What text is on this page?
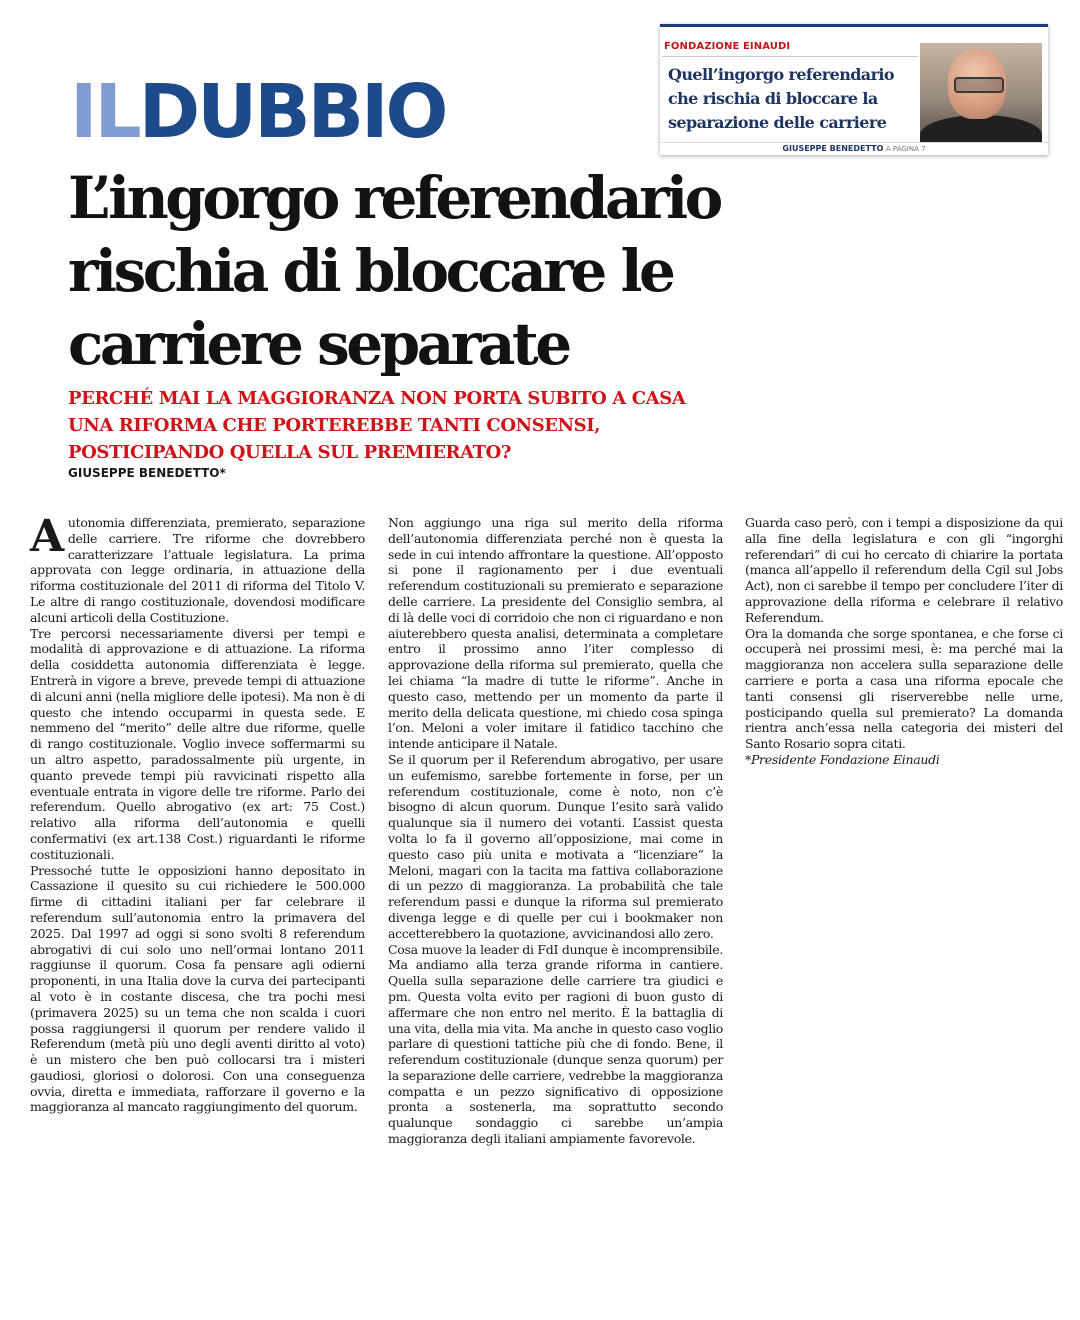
ILDUBBIO
FONDAZIONE EINAUDI
Quell’ingorgo referendario che rischia di bloccare la separazione delle carriere
GIUSEPPE BENEDETTO A PAGINA 7
L’ingorgo referendario rischia di bloccare le carriere separate
PERCHÉ MAI LA MAGGIORANZA NON PORTA SUBITO A CASA UNA RIFORMA CHE PORTEREBBE TANTI CONSENSI, POSTICIPANDO QUELLA SUL PREMIERATO?
GIUSEPPE BENEDETTO*

Autonomia differenziata, premierato, separazione delle carriere. Tre riforme che dovrebbero caratterizzare l’attuale legislatura. La prima approvata con legge ordinaria, in attuazione della riforma costituzionale del 2011 di riforma del Titolo V. Le altre di rango costituzionale, dovendosi modificare alcuni articoli della Costituzione.

Tre percorsi necessariamente diversi per tempi e modalità di approvazione e di attuazione. La riforma della cosiddetta autonomia differenziata è legge. Entrerà in vigore a breve, prevede tempi di attuazione di alcuni anni (nella migliore delle ipotesi). Ma non è di questo che intendo occuparmi in questa sede. E nemmeno del “merito” delle altre due riforme, quelle di rango costituzionale. Voglio invece soffermarmi su un altro aspetto, paradossalmente più urgente, in quanto prevede tempi più ravvicinati rispetto alla eventuale entrata in vigore delle tre riforme. Parlo dei referendum. Quello abrogativo (ex art: 75 Cost.) relativo alla riforma dell’autonomia e quelli confermativi (ex art.138 Cost.) riguardanti le riforme costituzionali.

Pressoché tutte le opposizioni hanno depositato in Cassazione il quesito su cui richiedere le 500.000 firme di cittadini italiani per far celebrare il referendum sull’autonomia entro la primavera del 2025. Dal 1997 ad oggi si sono svolti 8 referendum abrogativi di cui solo uno nell’ormai lontano 2011 raggiunse il quorum. Cosa fa pensare agli odierni proponenti, in una Italia dove la curva dei partecipanti al voto è in costante discesa, che tra pochi mesi (primavera 2025) su un tema che non scalda i cuori possa raggiungersi il quorum per rendere valido il Referendum (metà più uno degli aventi diritto al voto) è un mistero che ben può collocarsi tra i misteri gaudiosi, gloriosi o dolorosi. Con una conseguenza ovvia, diretta e immediata, rafforzare il governo e la maggioranza al mancato raggiungimento del quorum.

Non aggiungo una riga sul merito della riforma dell’autonomia differenziata perché non è questa la sede in cui intendo affrontare la questione. All’opposto si pone il ragionamento per i due eventuali referendum costituzionali su premierato e separazione delle carriere. La presidente del Consiglio sembra, al di là delle voci di corridoio che non ci riguardano e non aiuterebbero questa analisi, determinata a completare entro il prossimo anno l’iter complesso di approvazione della riforma sul premierato, quella che lei chiama “la madre di tutte le riforme”. Anche in questo caso, mettendo per un momento da parte il merito della delicata questione, mi chiedo cosa spinga l’on. Meloni a voler imitare il fatidico tacchino che intende anticipare il Natale.

Se il quorum per il Referendum abrogativo, per usare un eufemismo, sarebbe fortemente in forse, per un referendum costituzionale, come è noto, non c’è bisogno di alcun quorum. Dunque l’esito sarà valido qualunque sia il numero dei votanti. L’assist questa volta lo fa il governo all’opposizione, mai come in questo caso più unita e motivata a “licenziare” la Meloni, magari con la tacita ma fattiva collaborazione di un pezzo di maggioranza. La probabilità che tale referendum passi e dunque la riforma sul premierato divenga legge e di quelle per cui i bookmaker non accetterebbero la quotazione, avvicinandosi allo zero.

Cosa muove la leader di FdI dunque è incomprensibile. Ma andiamo alla terza grande riforma in cantiere. Quella sulla separazione delle carriere tra giudici e pm. Questa volta evito per ragioni di buon gusto di affermare che non entro nel merito. È la battaglia di una vita, della mia vita. Ma anche in questo caso voglio parlare di questioni tattiche più che di fondo. Bene, il referendum costituzionale (dunque senza quorum) per la separazione delle carriere, vedrebbe la maggioranza compatta e un pezzo significativo di opposizione pronta a sostenerla, ma soprattutto secondo qualunque sondaggio ci sarebbe un’ampia maggioranza degli italiani ampiamente favorevole.

Guarda caso però, con i tempi a disposizione da qui alla fine della legislatura e con gli “ingorghi referendari” di cui ho cercato di chiarire la portata (manca all’appello il referendum della Cgil sul Jobs Act), non ci sarebbe il tempo per concludere l’iter di approvazione della riforma e celebrare il relativo Referendum.

Ora la domanda che sorge spontanea, e che forse ci occuperà nei prossimi mesi, è: ma perché mai la maggioranza non accelera sulla separazione delle carriere e porta a casa una riforma epocale che tanti consensi gli riserverebbe nelle urne, posticipando quella sul premierato? La domanda rientra anch’essa nella categoria dei misteri del Santo Rosario sopra citati.

*Presidente Fondazione Einaudi
